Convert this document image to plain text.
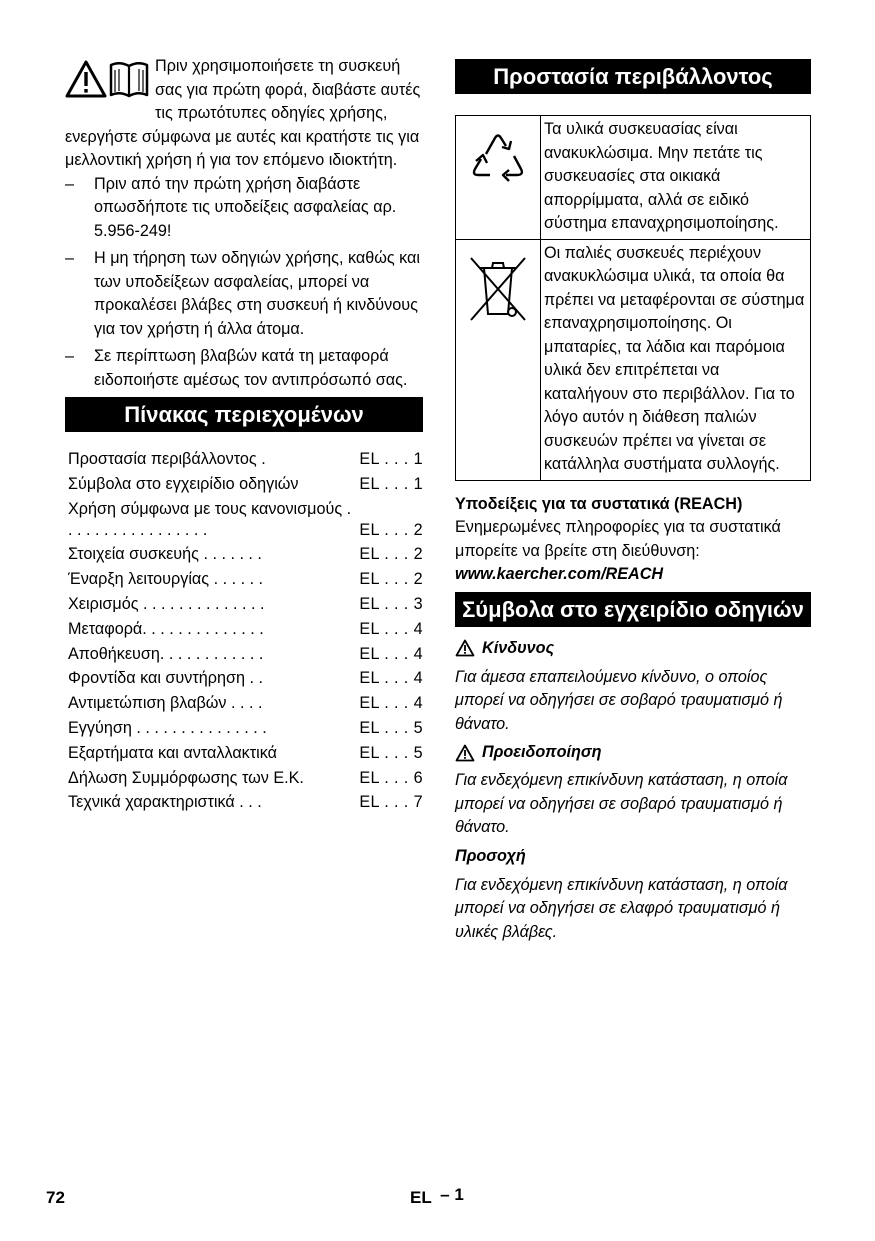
Πριν χρησιμοποιήσετε τη συσκευή σας για πρώτη φορά, διαβάστε αυτές τις πρωτότυπες οδηγίες χρήσης, ενεργήστε σύμφωνα με αυτές και κρατήστε τις για μελλοντική χρήση ή για τον επόμενο ιδιοκτήτη.

– Πριν από την πρώτη χρήση διαβάστε οπωσδήποτε τις υποδείξεις ασφαλείας αρ. 5.956-249!
– Η μη τήρηση των οδηγιών χρήσης, καθώς και των υποδείξεων ασφαλείας, μπορεί να προκαλέσει βλάβες στη συσκευή ή κινδύνους για τον χρήστη ή άλλα άτομα.
– Σε περίπτωση βλαβών κατά τη μεταφορά ειδοποιήστε αμέσως τον αντιπρόσωπό σας.
Πίνακας περιεχομένων
Προστασία περιβάλλοντος .	EL . . . 1
Σύμβολα στο εγχειρίδιο οδηγιών	EL . . . 1
Χρήση σύμφωνα με τους κανονισμούς . . . . . . . . . . . . . . . . .	EL . . . 2
Στοιχεία συσκευής . . . . . . .	EL . . . 2
Έναρξη λειτουργίας . . . . . .	EL . . . 2
Χειρισμός . . . . . . . . . . . . . .	EL . . . 3
Μεταφορά. . . . . . . . . . . . . .	EL . . . 4
Αποθήκευση. . . . . . . . . . . .	EL . . . 4
Φροντίδα και συντήρηση . .	EL . . . 4
Αντιμετώπιση βλαβών . . . .	EL . . . 4
Εγγύηση . . . . . . . . . . . . . . .	EL . . . 5
Εξαρτήματα και ανταλλακτικά	EL . . . 5
Δήλωση Συμμόρφωσης των Ε.Κ.	EL . . . 6
Τεχνικά χαρακτηριστικά . . .	EL . . . 7
Προστασία περιβάλλοντος
	Τα υλικά συσκευασίας είναι ανακυκλώσιμα. Μην πετάτε τις συσκευασίες στα οικιακά απορρίμματα, αλλά σε ειδικό σύστημα επαναχρησιμοποίησης.
	Οι παλιές συσκευές περιέχουν ανακυκλώσιμα υλικά, τα οποία θα πρέπει να μεταφέρονται σε σύστημα επαναχρησιμοποίησης. Οι μπαταρίες, τα λάδια και παρόμοια υλικά δεν επιτρέπεται να καταλήγουν στο περιβάλλον. Για το λόγο αυτόν η διάθεση παλιών συσκευών πρέπει να γίνεται σε κατάλληλα συστήματα συλλογής.

Υποδείξεις για τα συστατικά (REACH)

Ενημερωμένες πληροφορίες για τα συστατικά μπορείτε να βρείτε στη διεύθυνση:

www.kaercher.com/REACH

Σύμβολα στο εγχειρίδιο οδηγιών
Κίνδυνος

Για άμεσα επαπειλούμενο κίνδυνο, ο οποίος μπορεί να οδηγήσει σε σοβαρό τραυματισμό ή θάνατο.

Προειδοποίηση

Για ενδεχόμενη επικίνδυνη κατάσταση, η οποία μπορεί να οδηγήσει σε σοβαρό τραυματισμό ή θάνατο.

Προσοχή

Για ενδεχόμενη επικίνδυνη κατάσταση, η οποία μπορεί να οδηγήσει σε ελαφρό τραυματισμό ή υλικές βλάβες.

72	EL – 1
